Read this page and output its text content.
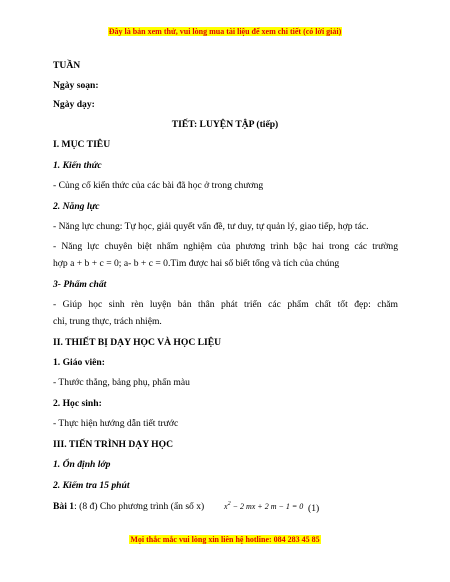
Đây là bản xem thử, vui lòng mua tài liệu để xem chi tiết (có lời giải)
TUẦN
Ngày soạn:
Ngày dạy:
TIẾT: LUYỆN TẬP (tiếp)
I. MỤC TIÊU
1. Kiến thức
- Củng cố kiến thức của các bài đã học ở trong chương
2. Năng lực
- Năng lực chung: Tự học, giải quyết vấn đề, tư duy, tự quản lý, giao tiếp, hợp tác.
- Năng lực chuyên biệt nhẩm nghiệm của phương trình bậc hai trong các trường
hợp a + b + c = 0; a- b + c = 0.Tìm được hai số biết tổng và tích của chúng
3- Phẩm chất
- Giúp học sinh rèn luyện bản thân phát triển các phẩm chất tốt đẹp: chăm
chỉ, trung thực, trách nhiệm.
II. THIẾT BỊ DẠY HỌC VÀ HỌC LIỆU
1. Giáo viên:
- Thước thẳng, bảng phụ, phấn màu
2. Học sinh:
- Thực hiện hướng dẫn tiết trước
III. TIẾN TRÌNH DẠY HỌC
1. Ổn định lớp
2. Kiểm tra 15 phút
Bài 1: (8 đ) Cho phương trình (ẩn số x)	$x^2 - 2$ mx + 2 m − 1 = 0 (1)
Mọi thắc mắc vui lòng xin liên hệ hotline: 084 283 45 85
